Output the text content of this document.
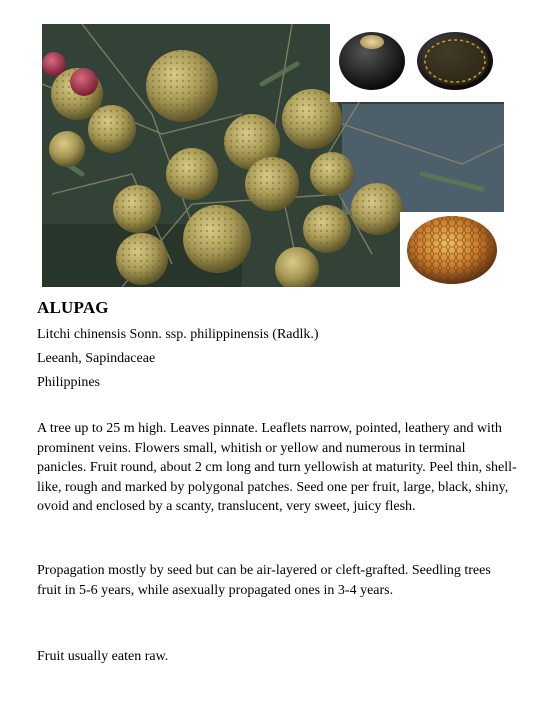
ALUPAG
Litchi chinensis Sonn. ssp. philippinensis (Radlk.)
Leeanh, Sapindaceae
Philippines
A tree up to 25 m high. Leaves pinnate. Leaflets narrow, pointed, leathery and with prominent veins. Flowers small, whitish or yellow and numerous in terminal panicles. Fruit round, about 2 cm long and turn yellowish at maturity. Peel thin, shell-like, rough and marked by polygonal patches. Seed one per fruit, large, black, shiny, ovoid and enclosed by a scanty, translucent, very sweet, juicy flesh.
Propagation mostly by seed but can be air-layered or cleft-grafted. Seedling trees fruit in 5-6 years, while asexually propagated ones in 3-4 years.
Fruit usually eaten raw.
